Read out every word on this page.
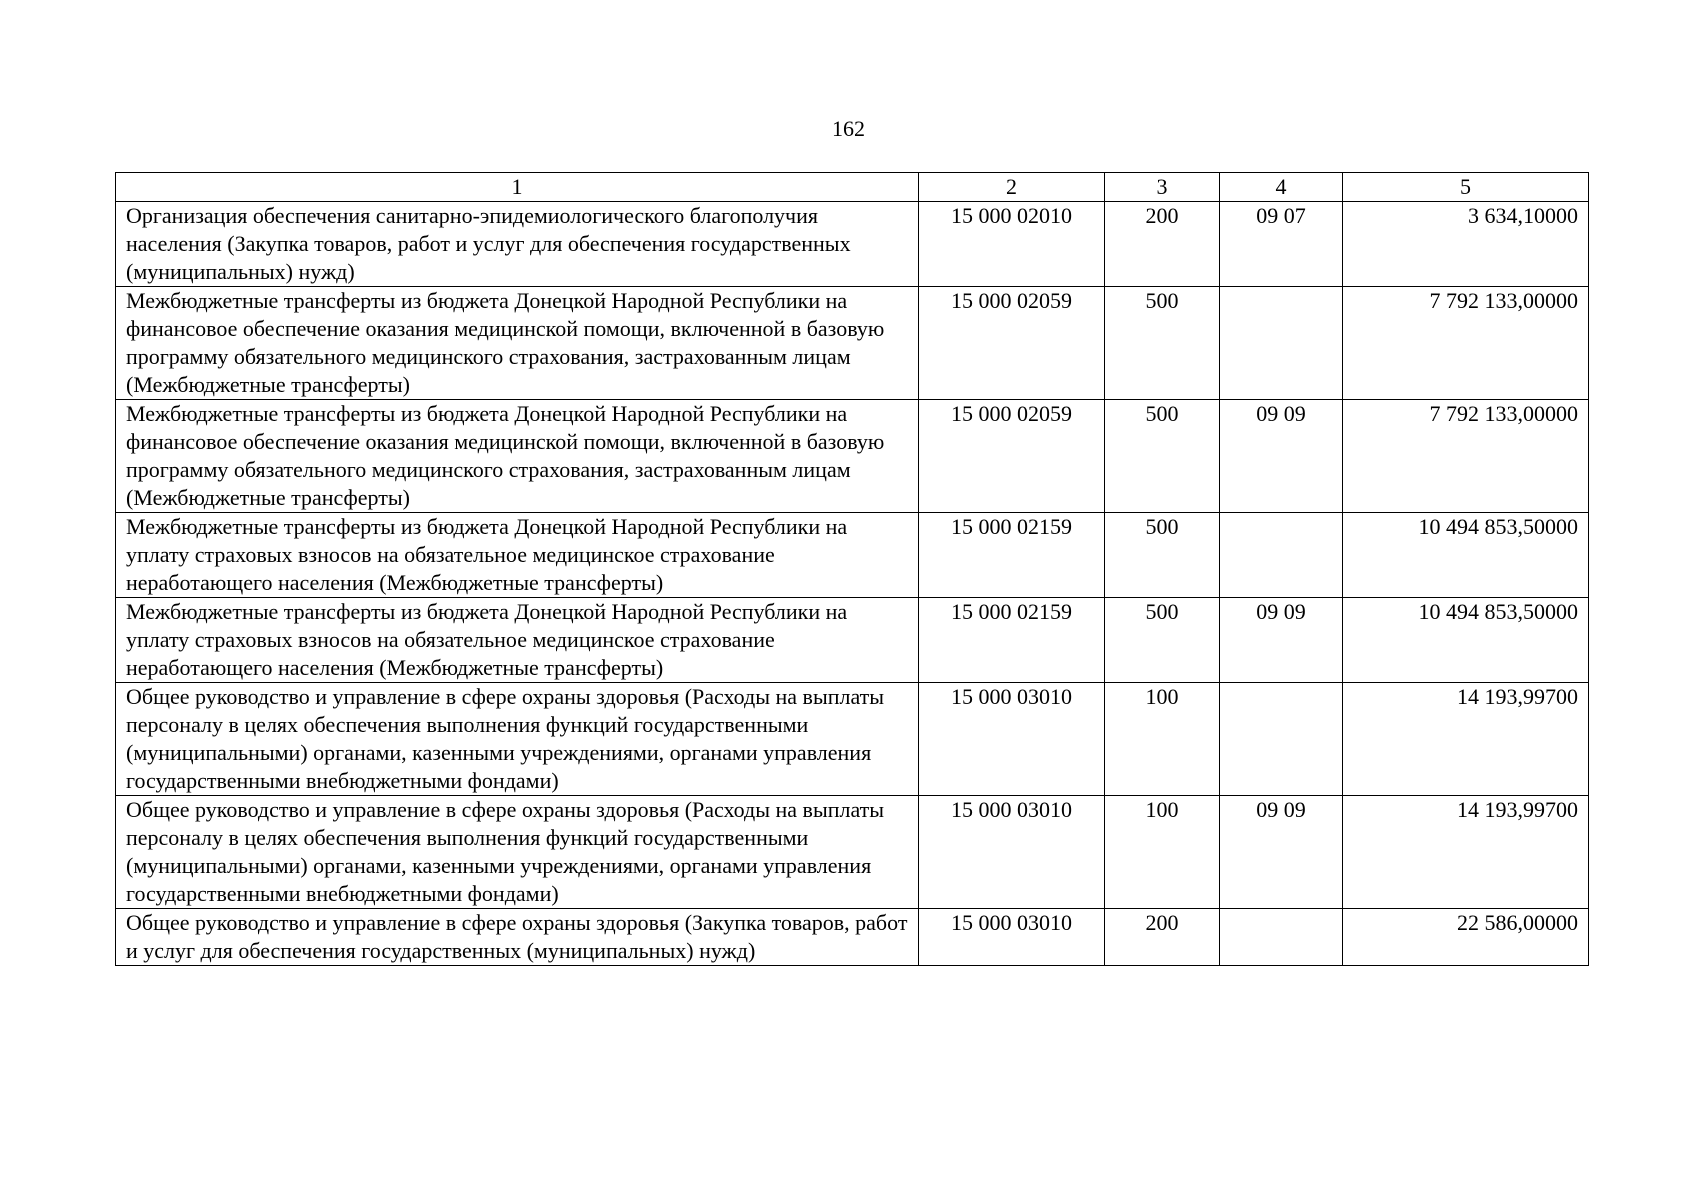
162
1	2	3	4	5
Организация обеспечения санитарно-эпидемиологического благополучия населения (Закупка товаров, работ и услуг для обеспечения государственных (муниципальных) нужд)	15 000 02010	200	09 07	3 634,10000
Межбюджетные трансферты из бюджета Донецкой Народной Республики на финансовое обеспечение оказания медицинской помощи, включенной в базовую программу обязательного медицинского страхования, застрахованным лицам (Межбюджетные трансферты)	15 000 02059	500		7 792 133,00000
Межбюджетные трансферты из бюджета Донецкой Народной Республики на финансовое обеспечение оказания медицинской помощи, включенной в базовую программу обязательного медицинского страхования, застрахованным лицам (Межбюджетные трансферты)	15 000 02059	500	09 09	7 792 133,00000
Межбюджетные трансферты из бюджета Донецкой Народной Республики на уплату страховых взносов на обязательное медицинское страхование неработающего населения (Межбюджетные трансферты)	15 000 02159	500		10 494 853,50000
Межбюджетные трансферты из бюджета Донецкой Народной Республики на уплату страховых взносов на обязательное медицинское страхование неработающего населения (Межбюджетные трансферты)	15 000 02159	500	09 09	10 494 853,50000
Общее руководство и управление в сфере охраны здоровья (Расходы на выплаты персоналу в целях обеспечения выполнения функций государственными (муниципальными) органами, казенными учреждениями, органами управления государственными внебюджетными фондами)	15 000 03010	100		14 193,99700
Общее руководство и управление в сфере охраны здоровья (Расходы на выплаты персоналу в целях обеспечения выполнения функций государственными (муниципальными) органами, казенными учреждениями, органами управления государственными внебюджетными фондами)	15 000 03010	100	09 09	14 193,99700
Общее руководство и управление в сфере охраны здоровья (Закупка товаров, работ и услуг для обеспечения государственных (муниципальных) нужд)	15 000 03010	200		22 586,00000
